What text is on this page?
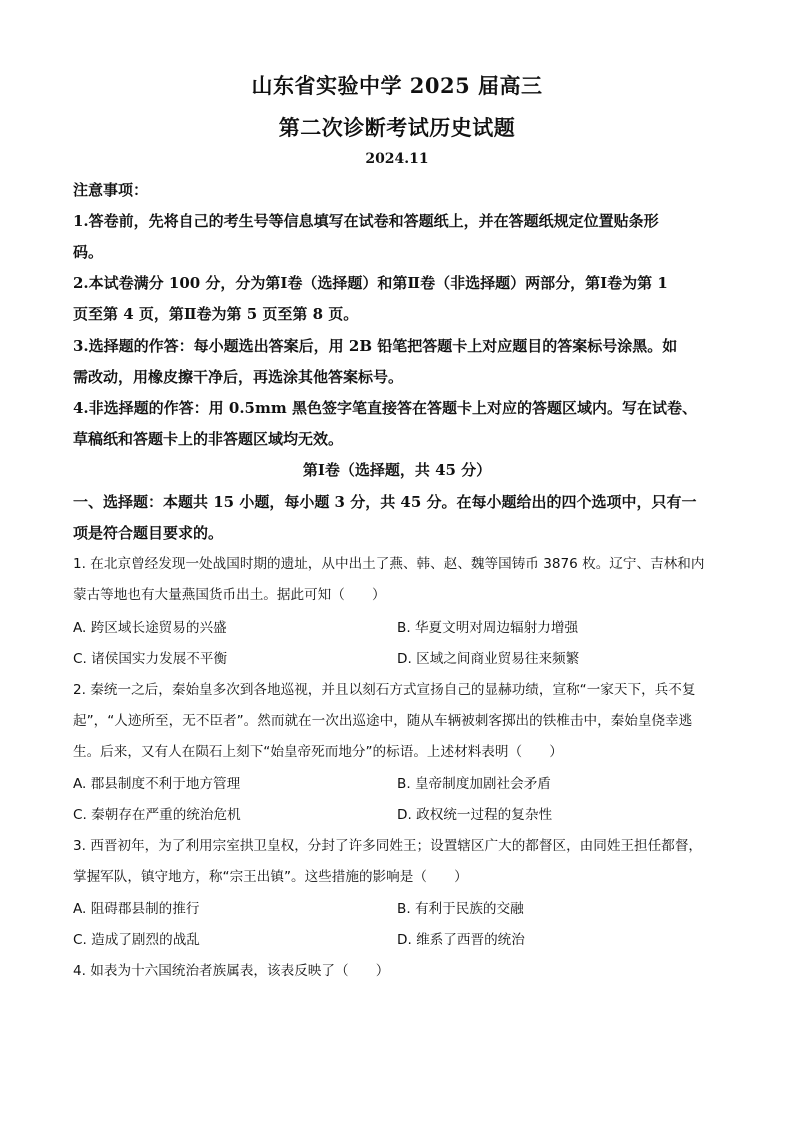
山东省实验中学 2025 届高三
第二次诊断考试历史试题
2024.11
注意事项：
1.答卷前，先将自己的考生号等信息填写在试卷和答题纸上，并在答题纸规定位置贴条形
码。
2.本试卷满分 100 分，分为第Ⅰ卷（选择题）和第Ⅱ卷（非选择题）两部分，第Ⅰ卷为第 1
页至第 4 页，第Ⅱ卷为第 5 页至第 8 页。
3.选择题的作答：每小题选出答案后，用 2B 铅笔把答题卡上对应题目的答案标号涂黑。如
需改动，用橡皮擦干净后，再选涂其他答案标号。
4.非选择题的作答：用 0.5mm 黑色签字笔直接答在答题卡上对应的答题区域内。写在试卷、
草稿纸和答题卡上的非答题区域均无效。
第Ⅰ卷（选择题，共 45 分）
一、选择题：本题共 15 小题，每小题 3 分，共 45 分。在每小题给出的四个选项中，只有一
项是符合题目要求的。
1. 在北京曾经发现一处战国时期的遗址，从中出土了燕、韩、赵、魏等国铸币 3876 枚。辽宁、吉林和内
蒙古等地也有大量燕国货币出土。据此可知（　　）
A. 跨区域长途贸易的兴盛	B. 华夏文明对周边辐射力增强
C. 诸侯国实力发展不平衡	D. 区域之间商业贸易往来频繁
2. 秦统一之后，秦始皇多次到各地巡视，并且以刻石方式宣扬自己的显赫功绩，宣称“一家天下，兵不复
起”，“人迹所至，无不臣者”。然而就在一次出巡途中，随从车辆被刺客掷出的铁椎击中，秦始皇侥幸逃
生。后来，又有人在陨石上刻下“始皇帝死而地分”的标语。上述材料表明（　　）
A. 郡县制度不利于地方管理	B. 皇帝制度加剧社会矛盾
C. 秦朝存在严重的统治危机	D. 政权统一过程的复杂性
3. 西晋初年，为了利用宗室拱卫皇权，分封了许多同姓王；设置辖区广大的都督区，由同姓王担任都督，
掌握军队，镇守地方，称“宗王出镇”。这些措施的影响是（　　）
A. 阻碍郡县制的推行	B. 有利于民族的交融
C. 造成了剧烈的战乱	D. 维系了西晋的统治
4. 如表为十六国统治者族属表，该表反映了（　　）
